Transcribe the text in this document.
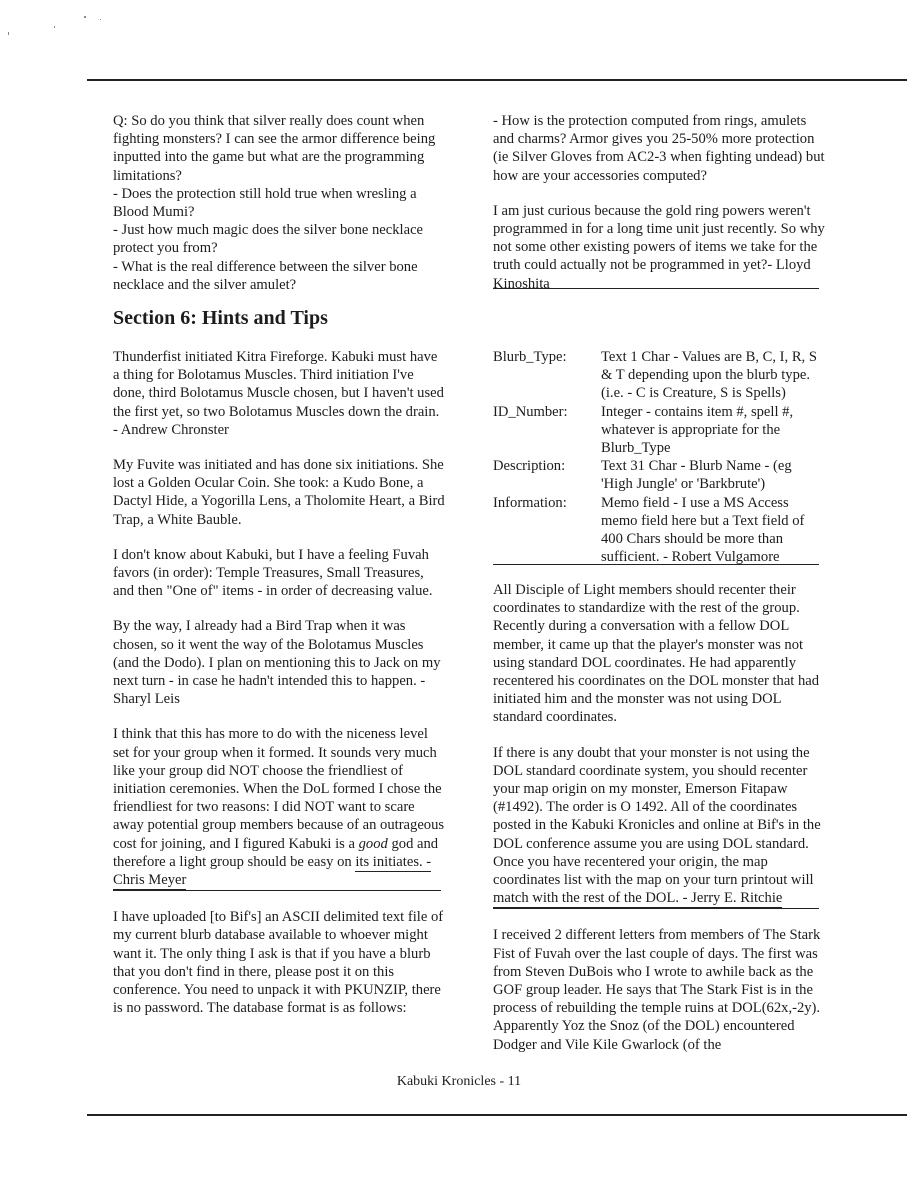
Q: So do you think that silver really does count when fighting monsters? I can see the armor difference being inputted into the game but what are the programming limitations?

- Does the protection still hold true when wresling a Blood Mumi?

- Just how much magic does the silver bone necklace protect you from?

- What is the real difference between the silver bone necklace and the silver amulet?

- How is the protection computed from rings, amulets and charms? Armor gives you 25-50% more protection (ie Silver Gloves from AC2-3 when fighting undead) but how are your accessories computed?

I am just curious because the gold ring powers weren't programmed in for a long time unit just recently. So why not some other existing powers of items we take for the truth could actually not be programmed in yet?- Lloyd Kinoshita

Section 6: Hints and Tips

Thunderfist initiated Kitra Fireforge. Kabuki must have a thing for Bolotamus Muscles. Third initiation I've done, third Bolotamus Muscle chosen, but I haven't used the first yet, so two Bolotamus Muscles down the drain. - Andrew Chronster

My Fuvite was initiated and has done six initiations. She lost a Golden Ocular Coin. She took: a Kudo Bone, a Dactyl Hide, a Yogorilla Lens, a Tholomite Heart, a Bird Trap, a White Bauble.

I don't know about Kabuki, but I have a feeling Fuvah favors (in order): Temple Treasures, Small Treasures, and then "One of" items - in order of decreasing value.

By the way, I already had a Bird Trap when it was chosen, so it went the way of the Bolotamus Muscles (and the Dodo). I plan on mentioning this to Jack on my next turn - in case he hadn't intended this to happen. - Sharyl Leis

I think that this has more to do with the niceness level set for your group when it formed. It sounds very much like your group did NOT choose the friendliest of initiation ceremonies. When the DoL formed I chose the friendliest for two reasons: I did NOT want to scare away potential group members because of an outrageous cost for joining, and I figured Kabuki is a good god and therefore a light group should be easy on its initiates. - Chris Meyer

I have uploaded [to Bif's] an ASCII delimited text file of my current blurb database available to whoever might want it. The only thing I ask is that if you have a blurb that you don't find in there, please post it on this conference. You need to unpack it with PKUNZIP, there is no password. The database format is as follows:

Blurb_Type:	Text 1 Char - Values are B, C, I, R, S & T depending upon the blurb type. (i.e. - C is Creature, S is Spells)
ID_Number:	Integer - contains item #, spell #, whatever is appropriate for the Blurb_Type
Description:	Text 31 Char - Blurb Name - (eg 'High Jungle' or 'Barkbrute')
Information:	Memo field - I use a MS Access memo field here but a Text field of 400 Chars should be more than sufficient. - Robert Vulgamore

All Disciple of Light members should recenter their coordinates to standardize with the rest of the group. Recently during a conversation with a fellow DOL member, it came up that the player's monster was not using standard DOL coordinates. He had apparently recentered his coordinates on the DOL monster that had initiated him and the monster was not using DOL standard coordinates.

If there is any doubt that your monster is not using the DOL standard coordinate system, you should recenter your map origin on my monster, Emerson Fitapaw (#1492). The order is O 1492. All of the coordinates posted in the Kabuki Kronicles and online at Bif's in the DOL conference assume you are using DOL standard. Once you have recentered your origin, the map coordinates list with the map on your turn printout will match with the rest of the DOL. - Jerry E. Ritchie

I received 2 different letters from members of The Stark Fist of Fuvah over the last couple of days. The first was from Steven DuBois who I wrote to awhile back as the GOF group leader. He says that The Stark Fist is in the process of rebuilding the temple ruins at DOL(62x,-2y). Apparently Yoz the Snoz (of the DOL) encountered Dodger and Vile Kile Gwarlock (of the

Kabuki Kronicles - 11
